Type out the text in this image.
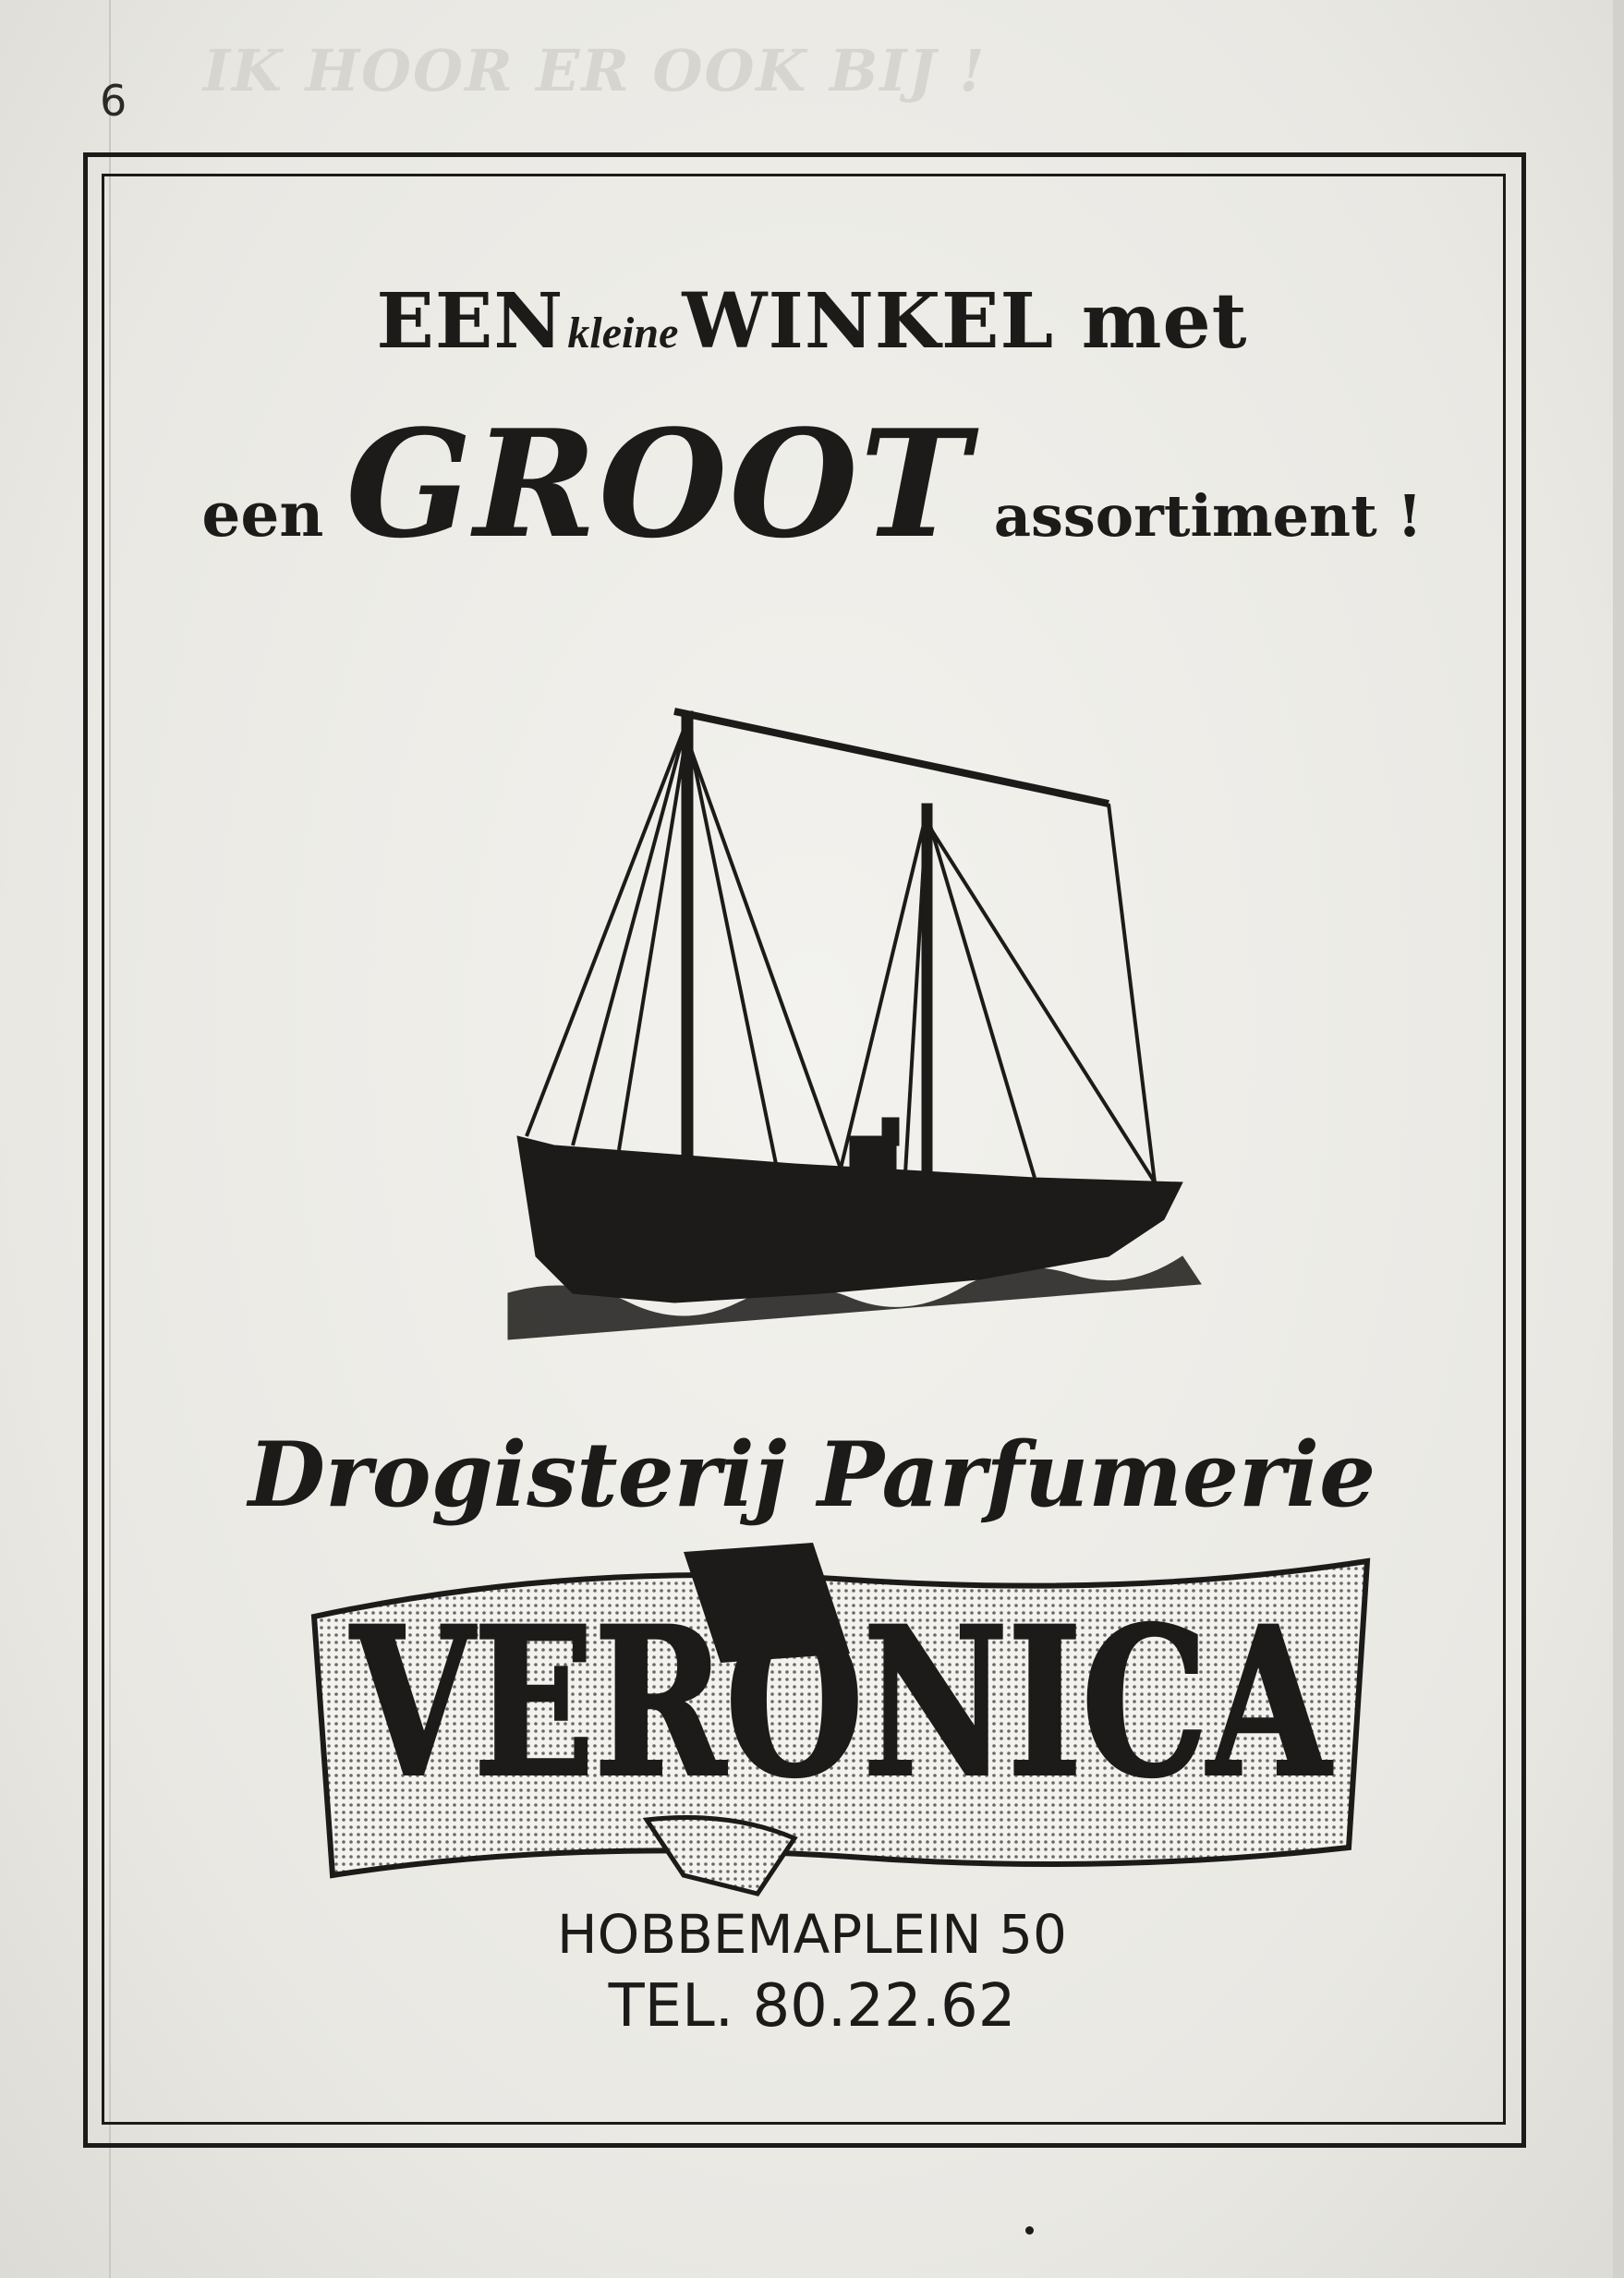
IK HOOR ER OOK BIJ !
6
EEN kleine WINKEL met
een GROOT assortiment !
Drogisterij Parfumerie
VERONICA
HOBBEMAPLEIN 50
TEL. 80.22.62
